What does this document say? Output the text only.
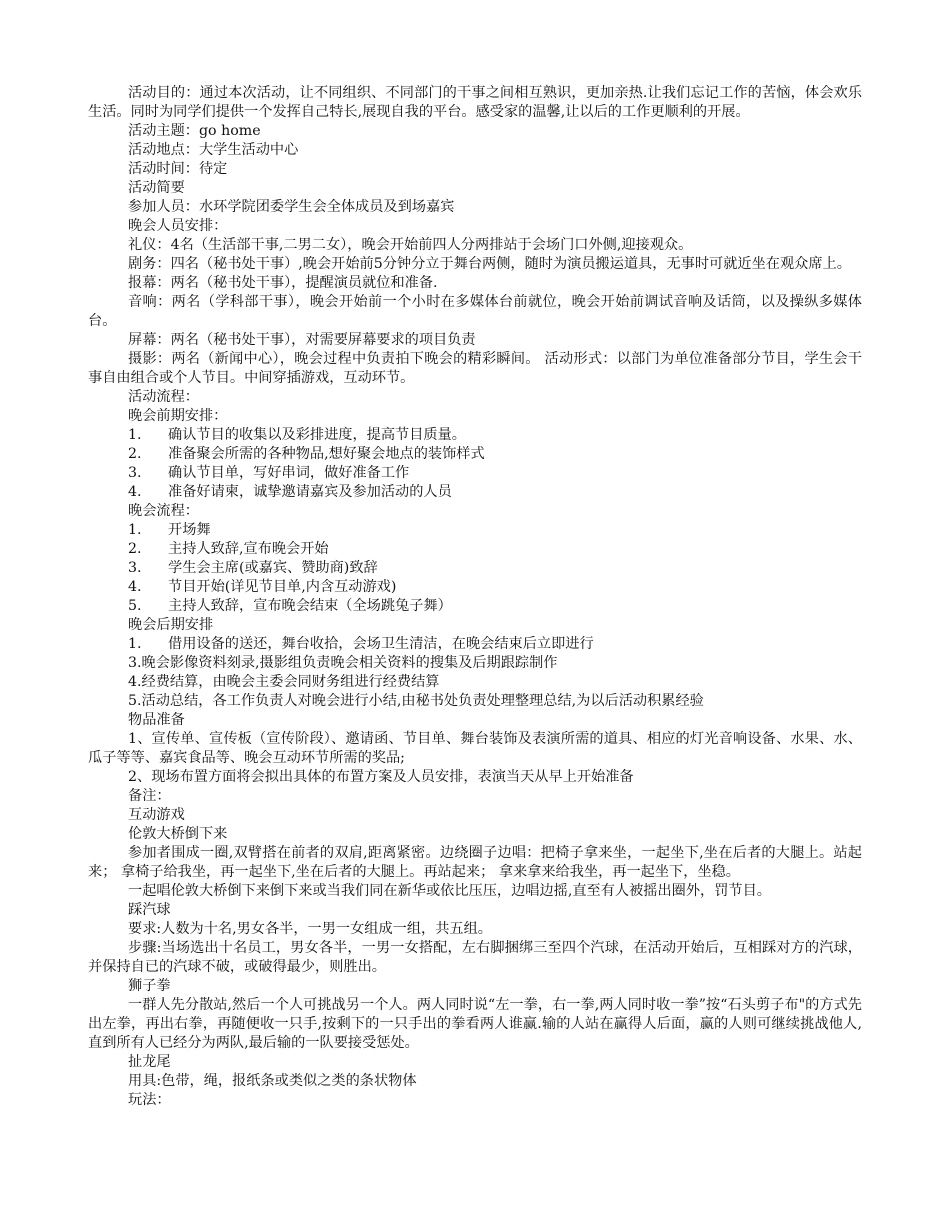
活动目的：通过本次活动，让不同组织、不同部门的干事之间相互熟识，更加亲热.让我们忘记工作的苦恼，体会欢乐生活。同时为同学们提供一个发挥自己特长,展现自我的平台。感受家的温馨,让以后的工作更顺利的开展。

活动主题：go home

活动地点：大学生活动中心

活动时间：待定

活动简要

参加人员：水环学院团委学生会全体成员及到场嘉宾

晚会人员安排：

礼仪：4名（生活部干事,二男二女），晚会开始前四人分两排站于会场门口外侧,迎接观众。

剧务：四名（秘书处干事）,晚会开始前5分钟分立于舞台两侧，随时为演员搬运道具，无事时可就近坐在观众席上。

报幕：两名（秘书处干事），提醒演员就位和准备.

音响：两名（学科部干事），晚会开始前一个小时在多媒体台前就位，晚会开始前调试音响及话筒，以及操纵多媒体台。

屏幕：两名（秘书处干事），对需要屏幕要求的项目负责

摄影：两名（新闻中心），晚会过程中负责拍下晚会的精彩瞬间。 活动形式：以部门为单位准备部分节目，学生会干事自由组合或个人节目。中间穿插游戏，互动环节。

活动流程：

晚会前期安排：

1. 确认节目的收集以及彩排进度，提高节目质量。

2. 准备聚会所需的各种物品,想好聚会地点的装饰样式

3. 确认节目单，写好串词，做好准备工作

4. 准备好请柬，诚挚邀请嘉宾及参加活动的人员

晚会流程：

1. 开场舞

2. 主持人致辞,宣布晚会开始

3. 学生会主席(或嘉宾、赞助商)致辞

4. 节目开始(详见节目单,内含互动游戏)

5. 主持人致辞，宣布晚会结束（全场跳兔子舞）

晚会后期安排

1. 借用设备的送还，舞台收拾，会场卫生清洁，在晚会结束后立即进行

3.晚会影像资料刻录,摄影组负责晚会相关资料的搜集及后期跟踪制作

4.经费结算，由晚会主委会同财务组进行经费结算

5.活动总结，各工作负责人对晚会进行小结,由秘书处负责处理整理总结,为以后活动积累经验

物品准备

1、宣传单、宣传板（宣传阶段）、邀请函、节目单、舞台装饰及表演所需的道具、相应的灯光音响设备、水果、水、瓜子等等、嘉宾食品等、晚会互动环节所需的奖品;

2、现场布置方面将会拟出具体的布置方案及人员安排，表演当天从早上开始准备

备注：

互动游戏

伦敦大桥倒下来

参加者围成一圈,双臂搭在前者的双肩,距离紧密。边绕圈子边唱：把椅子拿来坐，一起坐下,坐在后者的大腿上。站起来； 拿椅子给我坐，再一起坐下,坐在后者的大腿上。再站起来； 拿来拿来给我坐，再一起坐下，坐稳。

一起唱伦敦大桥倒下来倒下来或当我们同在新华或依比压压，边唱边摇,直至有人被摇出圈外，罚节目。

踩汽球

要求:人数为十名,男女各半，一男一女组成一组，共五组。

步骤:当场选出十名员工，男女各半，一男一女搭配，左右脚捆绑三至四个汽球，在活动开始后，互相踩对方的汽球，并保持自已的汽球不破，或破得最少，则胜出。

狮子拳

一群人先分散站,然后一个人可挑战另一个人。两人同时说“左一拳，右一拳,两人同时收一拳”按“石头剪子布"的方式先出左拳，再出右拳，再随便收一只手,按剩下的一只手出的拳看两人谁赢.输的人站在赢得人后面，赢的人则可继续挑战他人,直到所有人已经分为两队,最后输的一队要接受惩处。

扯龙尾

用具:色带，绳，报纸条或类似之类的条状物体

玩法：
